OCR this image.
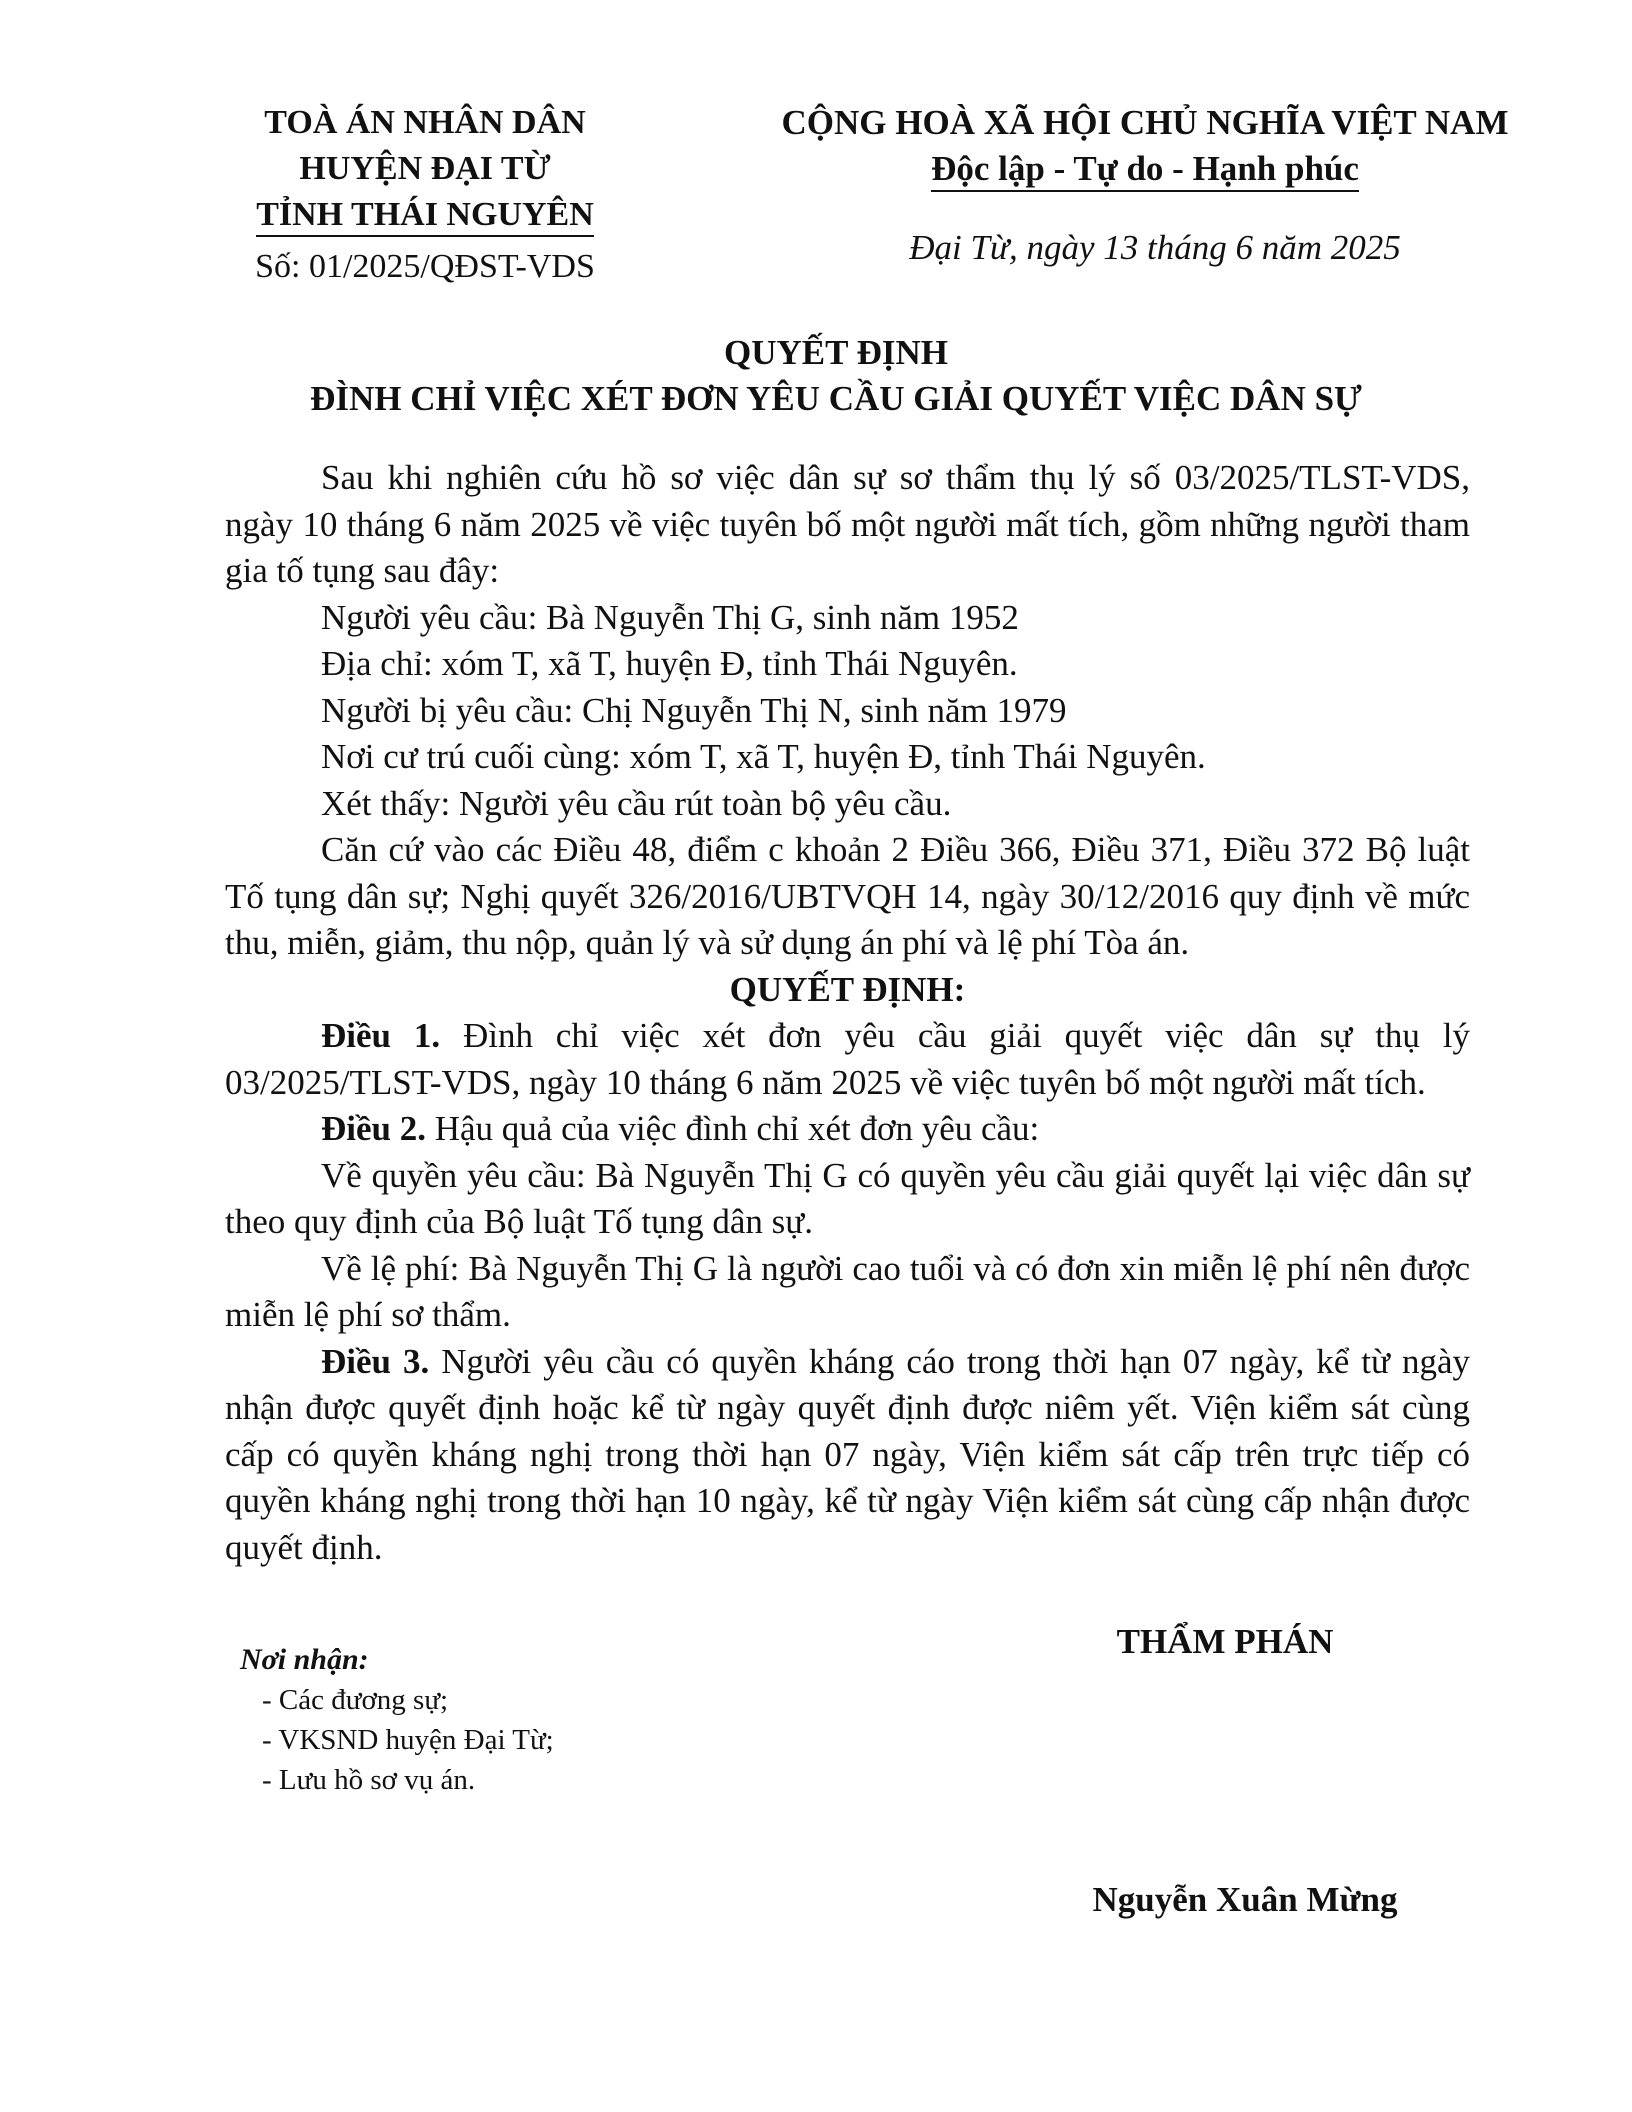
TOÀ ÁN NHÂN DÂN
HUYỆN ĐẠI TỪ
TỈNH THÁI NGUYÊN
Số: 01/2025/QĐST-VDS
CỘNG HOÀ XÃ HỘI CHỦ NGHĨA VIỆT NAM
Độc lập - Tự do - Hạnh phúc
Đại Từ, ngày 13 tháng 6 năm 2025
QUYẾT ĐỊNH
ĐÌNH CHỈ VIỆC XÉT ĐƠN YÊU CẦU GIẢI QUYẾT VIỆC DÂN SỰ

Sau khi nghiên cứu hồ sơ việc dân sự sơ thẩm thụ lý số 03/2025/TLST-VDS, ngày 10 tháng 6 năm 2025 về việc tuyên bố một người mất tích, gồm những người tham gia tố tụng sau đây:

Người yêu cầu: Bà Nguyễn Thị G, sinh năm 1952

Địa chỉ: xóm T, xã T, huyện Đ, tỉnh Thái Nguyên.

Người bị yêu cầu: Chị Nguyễn Thị N, sinh năm 1979

Nơi cư trú cuối cùng: xóm T, xã T, huyện Đ, tỉnh Thái Nguyên.

Xét thấy: Người yêu cầu rút toàn bộ yêu cầu.

Căn cứ vào các Điều 48, điểm c khoản 2 Điều 366, Điều 371, Điều 372 Bộ luật Tố tụng dân sự; Nghị quyết 326/2016/UBTVQH 14, ngày 30/12/2016 quy định về mức thu, miễn, giảm, thu nộp, quản lý và sử dụng án phí và lệ phí Tòa án.

QUYẾT ĐỊNH:

Điều 1. Đình chỉ việc xét đơn yêu cầu giải quyết việc dân sự thụ lý 03/2025/TLST-VDS, ngày 10 tháng 6 năm 2025 về việc tuyên bố một người mất tích.

Điều 2. Hậu quả của việc đình chỉ xét đơn yêu cầu:

Về quyền yêu cầu: Bà Nguyễn Thị G có quyền yêu cầu giải quyết lại việc dân sự theo quy định của Bộ luật Tố tụng dân sự.

Về lệ phí: Bà Nguyễn Thị G là người cao tuổi và có đơn xin miễn lệ phí nên được miễn lệ phí sơ thẩm.

Điều 3. Người yêu cầu có quyền kháng cáo trong thời hạn 07 ngày, kể từ ngày nhận được quyết định hoặc kể từ ngày quyết định được niêm yết. Viện kiểm sát cùng cấp có quyền kháng nghị trong thời hạn 07 ngày, Viện kiểm sát cấp trên trực tiếp có quyền kháng nghị trong thời hạn 10 ngày, kể từ ngày Viện kiểm sát cùng cấp nhận được quyết định.

Nơi nhận:
- Các đương sự;
- VKSND huyện Đại Từ;
- Lưu hồ sơ vụ án.
THẨM PHÁN
Nguyễn Xuân Mừng
